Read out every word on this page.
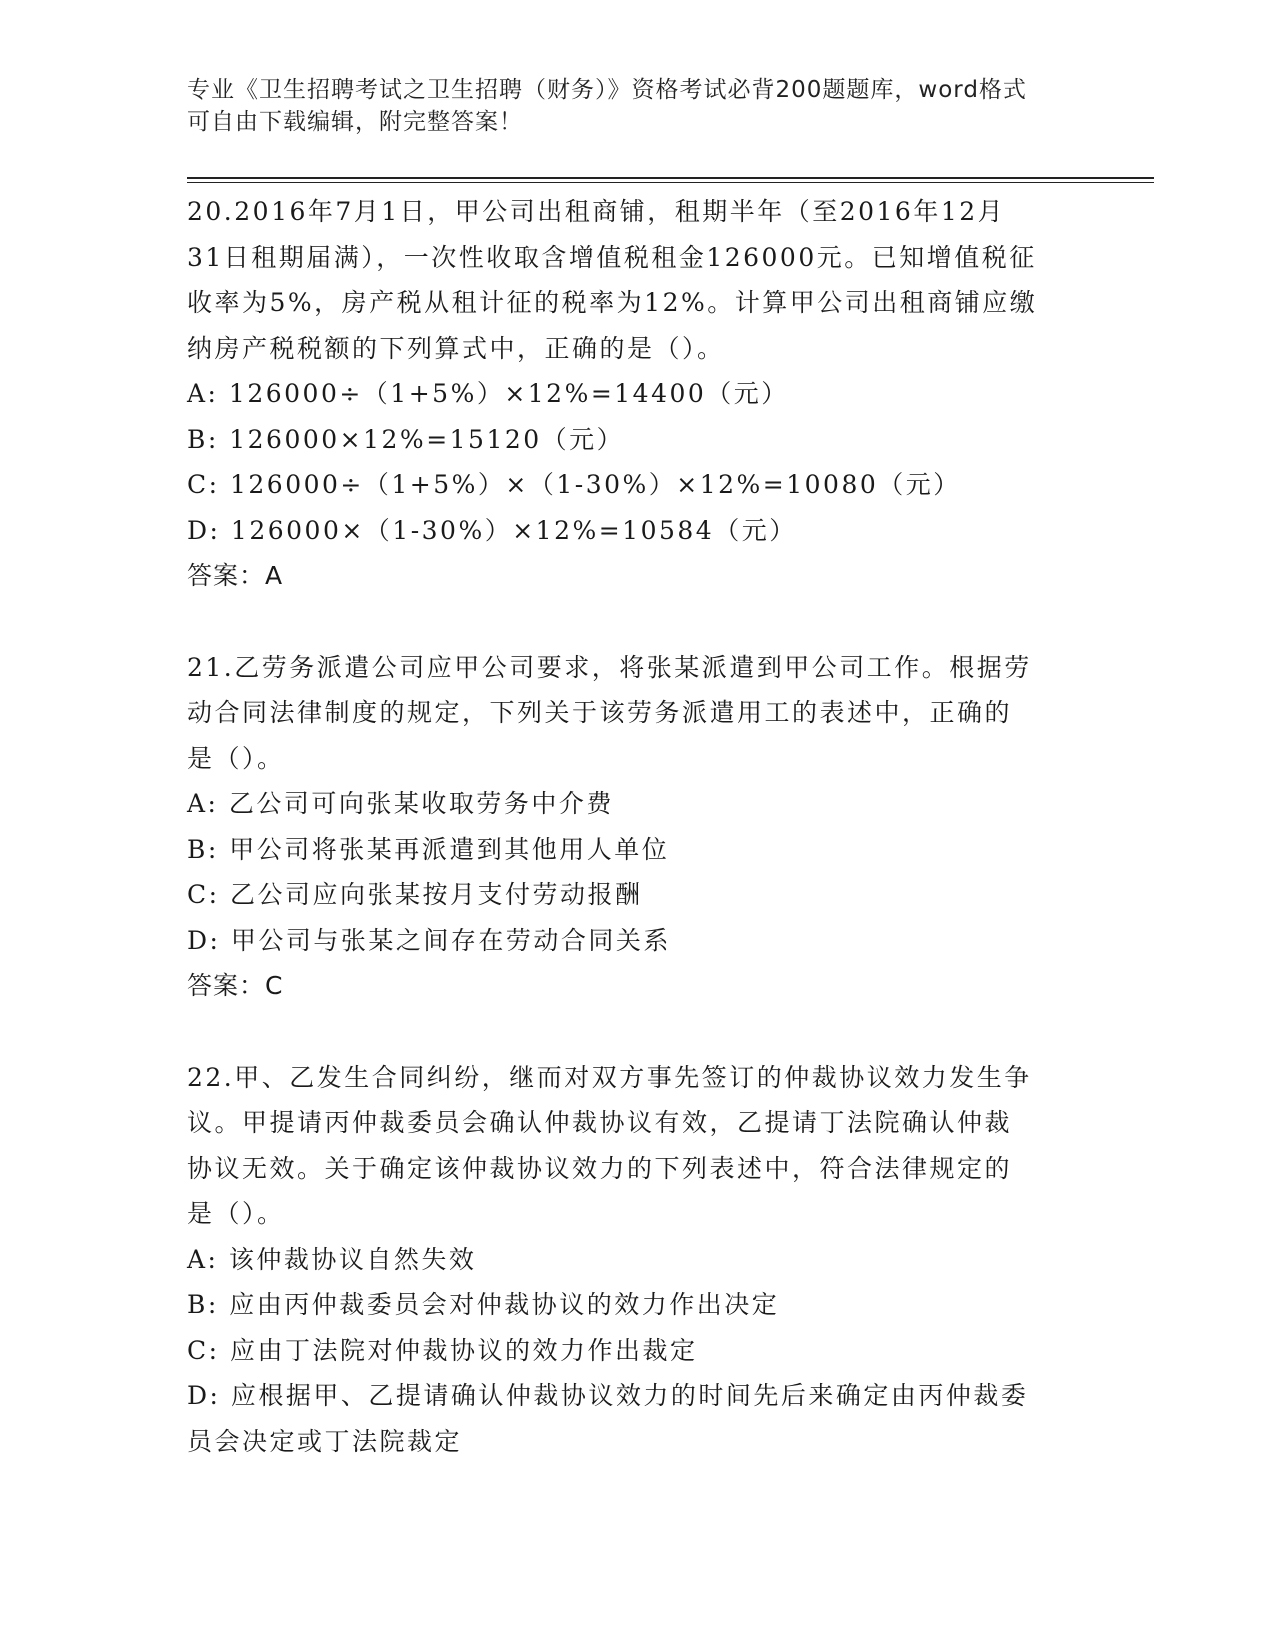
专业《卫生招聘考试之卫生招聘（财务）》资格考试必背200题题库，word格式
可自由下载编辑，附完整答案！

20.2016年7月1日，甲公司出租商铺，租期半年（至2016年12月

31日租期届满），一次性收取含增值税租金126000元。已知增值税征

收率为5%，房产税从租计征的税率为12%。计算甲公司出租商铺应缴

纳房产税税额的下列算式中，正确的是（）。

A: 126000÷（1+5%）×12%=14400（元）

B: 126000×12%=15120（元）

C: 126000÷（1+5%）×（1-30%）×12%=10080（元）

D: 126000×（1-30%）×12%=10584（元）

答案：A

21.乙劳务派遣公司应甲公司要求，将张某派遣到甲公司工作。根据劳

动合同法律制度的规定，下列关于该劳务派遣用工的表述中，正确的

是（）。

A: 乙公司可向张某收取劳务中介费

B: 甲公司将张某再派遣到其他用人单位

C: 乙公司应向张某按月支付劳动报酬

D: 甲公司与张某之间存在劳动合同关系

答案：C

22.甲、乙发生合同纠纷，继而对双方事先签订的仲裁协议效力发生争

议。甲提请丙仲裁委员会确认仲裁协议有效，乙提请丁法院确认仲裁

协议无效。关于确定该仲裁协议效力的下列表述中，符合法律规定的

是（）。

A: 该仲裁协议自然失效

B: 应由丙仲裁委员会对仲裁协议的效力作出决定

C: 应由丁法院对仲裁协议的效力作出裁定

D: 应根据甲、乙提请确认仲裁协议效力的时间先后来确定由丙仲裁委

员会决定或丁法院裁定
